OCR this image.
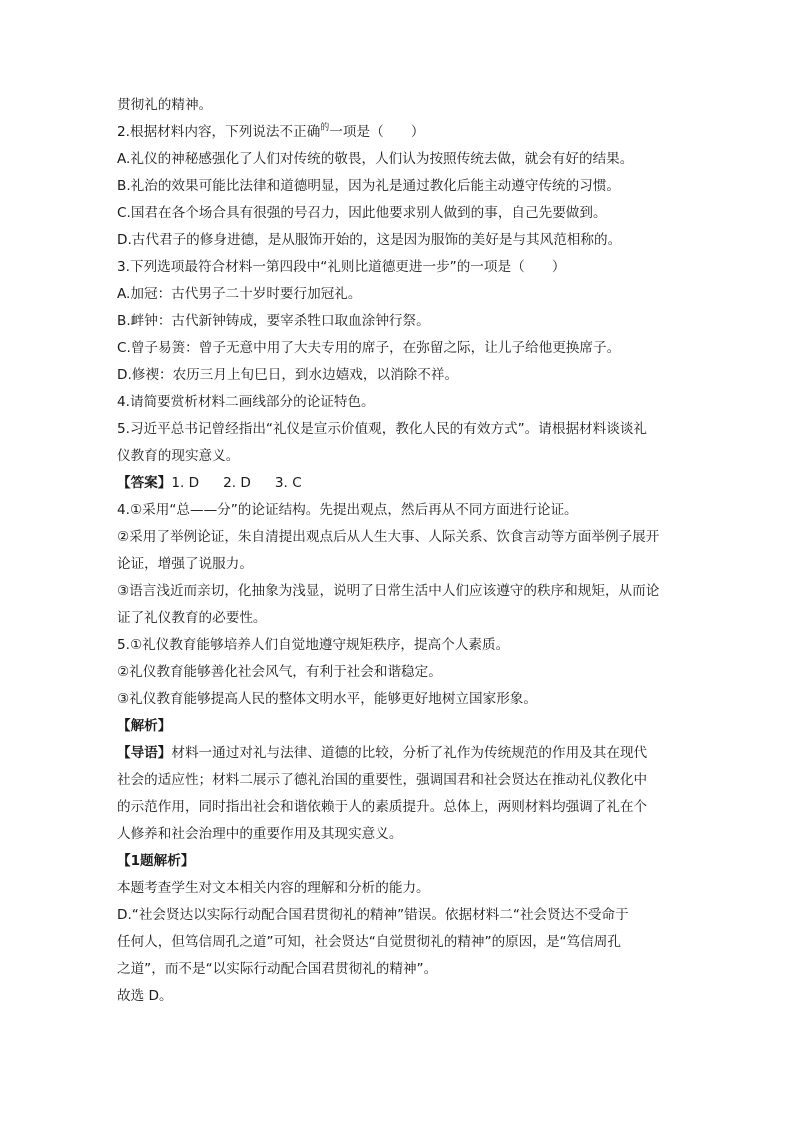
贯彻礼的精神。
2.根据材料内容，下列说法不正确$^的$一项是（　　）
A.礼仪的神秘感强化了人们对传统的敬畏，人们认为按照传统去做，就会有好的结果。
B.礼治的效果可能比法律和道德明显，因为礼是通过教化后能主动遵守传统的习惯。
C.国君在各个场合具有很强的号召力，因此他要求别人做到的事，自己先要做到。
D.古代君子的修身进德，是从服饰开始的，这是因为服饰的美好是与其风范相称的。
3.下列选项最符合材料一第四段中“礼则比道德更进一步”的一项是（　　）
A.加冠：古代男子二十岁时要行加冠礼。
B.衅钟：古代新钟铸成，要宰杀牲口取血涂钟行祭。
C.曾子易箦：曾子无意中用了大夫专用的席子，在弥留之际，让儿子给他更换席子。
D.修禊：农历三月上旬巳日，到水边嬉戏，以消除不祥。
4.请简要赏析材料二画线部分的论证特色。
5.习近平总书记曾经指出“礼仪是宣示价值观，教化人民的有效方式”。请根据材料谈谈礼
仪教育的现实意义。
【答案】1. D 2. D 3. C
4.①采用“总——分”的论证结构。先提出观点，然后再从不同方面进行论证。
②采用了举例论证，朱自清提出观点后从人生大事、人际关系、饮食言动等方面举例子展开
论证，增强了说服力。
③语言浅近而亲切，化抽象为浅显，说明了日常生活中人们应该遵守的秩序和规矩，从而论
证了礼仪教育的必要性。
5.①礼仪教育能够培养人们自觉地遵守规矩秩序，提高个人素质。
②礼仪教育能够善化社会风气，有利于社会和谐稳定。
③礼仪教育能够提高人民的整体文明水平，能够更好地树立国家形象。
【解析】
【导语】材料一通过对礼与法律、道德的比较，分析了礼作为传统规范的作用及其在现代
社会的适应性；材料二展示了德礼治国的重要性，强调国君和社会贤达在推动礼仪教化中
的示范作用，同时指出社会和谐依赖于人的素质提升。总体上，两则材料均强调了礼在个
人修养和社会治理中的重要作用及其现实意义。
【1题解析】
本题考查学生对文本相关内容的理解和分析的能力。
D.“社会贤达以实际行动配合国君贯彻礼的精神”错误。依据材料二“社会贤达不受命于
任何人，但笃信周孔之道”可知，社会贤达“自觉贯彻礼的精神”的原因，是“笃信周孔
之道”，而不是“以实际行动配合国君贯彻礼的精神”。
故选 D。
